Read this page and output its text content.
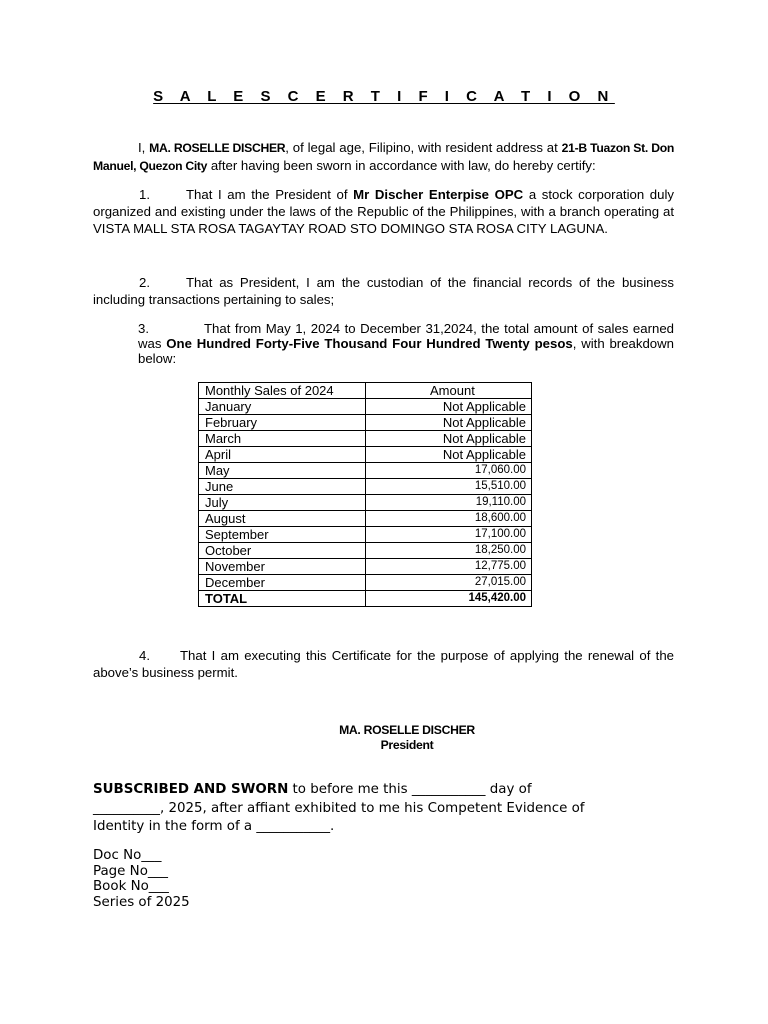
S A L E S C E R T I F I C A T I O N
I, MA. ROSELLE DISCHER, of legal age, Filipino, with resident address at 21-B Tuazon St. Don Manuel, Quezon City after having been sworn in accordance with law, do hereby certify:
1.	That I am the President of Mr Discher Enterpise OPC a stock corporation duly organized and existing under the laws of the Republic of the Philippines, with a branch operating at VISTA MALL STA ROSA TAGAYTAY ROAD STO DOMINGO STA ROSA CITY LAGUNA.
2.	That as President, I am the custodian of the financial records of the business including transactions pertaining to sales;
3.	That from May 1, 2024 to December 31,2024, the total amount of sales earned was One Hundred Forty-Five Thousand Four Hundred Twenty pesos, with breakdown below:
Monthly Sales of 2024	Amount
January	Not Applicable
February	Not Applicable
March	Not Applicable
April	Not Applicable
May	17,060.00
June	15,510.00
July	19,110.00
August	18,600.00
September	17,100.00
October	18,250.00
November	12,775.00
December	27,015.00
TOTAL	145,420.00
4. That I am executing this Certificate for the purpose of applying the renewal of the above’s business permit.
MA. ROSELLE DISCHER
President
SUBSCRIBED AND SWORN to before me this ___________ day of
__________, 2025, after affiant exhibited to me his Competent Evidence of
Identity in the form of a ___________.
Doc No___
Page No___
Book No___
Series of 2025
